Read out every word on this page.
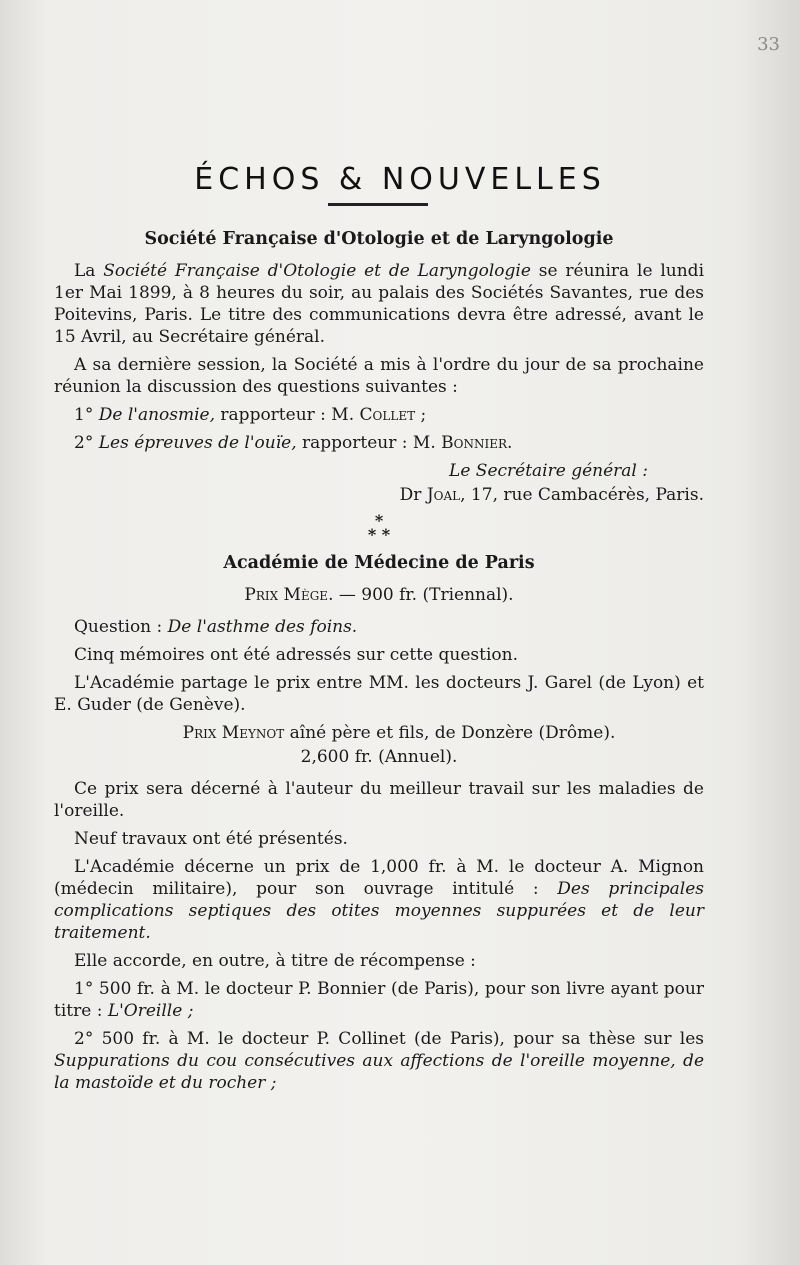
33
ÉCHOS & NOUVELLES
Société Française d'Otologie et de Laryngologie

La Société Française d'Otologie et de Laryngologie se réunira le lundi 1er Mai 1899, à 8 heures du soir, au palais des Sociétés Savantes, rue des Poitevins, Paris. Le titre des communications devra être adressé, avant le 15 Avril, au Secrétaire général.

A sa dernière session, la Société a mis à l'ordre du jour de sa prochaine réunion la discussion des questions suivantes :

1° De l'anosmie, rapporteur : M. Collet ;

2° Les épreuves de l'ouïe, rapporteur : M. Bonnier.

Le Secrétaire général :
Dr Joal, 17, rue Cambacérès, Paris.
*
* *
Académie de Médecine de Paris
Prix Mège. — 900 fr. (Triennal).

Question : De l'asthme des foins.

Cinq mémoires ont été adressés sur cette question.

L'Académie partage le prix entre MM. les docteurs J. Garel (de Lyon) et E. Guder (de Genève).

Prix Meynot aîné père et fils, de Donzère (Drôme).
2,600 fr. (Annuel).

Ce prix sera décerné à l'auteur du meilleur travail sur les maladies de l'oreille.

Neuf travaux ont été présentés.

L'Académie décerne un prix de 1,000 fr. à M. le docteur A. Mignon (médecin militaire), pour son ouvrage intitulé : Des principales complications septiques des otites moyennes suppurées et de leur traitement.

Elle accorde, en outre, à titre de récompense :

1° 500 fr. à M. le docteur P. Bonnier (de Paris), pour son livre ayant pour titre : L'Oreille ;

2° 500 fr. à M. le docteur P. Collinet (de Paris), pour sa thèse sur les Suppurations du cou consécutives aux affections de l'oreille moyenne, de la mastoïde et du rocher ;
